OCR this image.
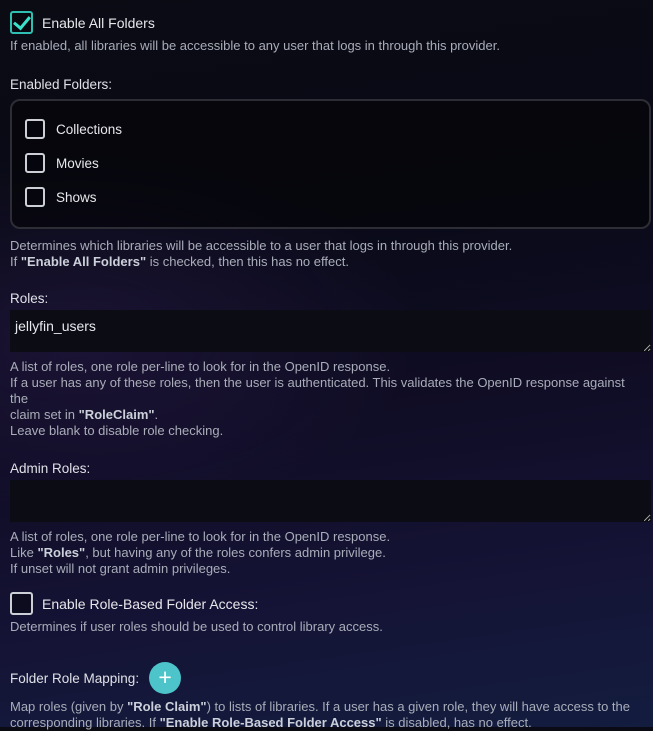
Enable All Folders
If enabled, all libraries will be accessible to any user that logs in through this provider.
Enabled Folders:
Collections
Movies
Shows
Determines which libraries will be accessible to a user that logs in through this provider.
If "Enable All Folders" is checked, then this has no effect.
Roles:
jellyfin_users
A list of roles, one role per-line to look for in the OpenID response.
If a user has any of these roles, then the user is authenticated. This validates the OpenID response against the
claim set in "RoleClaim".
Leave blank to disable role checking.
Admin Roles:
A list of roles, one role per-line to look for in the OpenID response.
Like "Roles", but having any of the roles confers admin privilege.
If unset will not grant admin privileges.
Enable Role-Based Folder Access:
Determines if user roles should be used to control library access.
Folder Role Mapping: +
Map roles (given by "Role Claim") to lists of libraries. If a user has a given role, they will have access to the
corresponding libraries. If "Enable Role-Based Folder Access" is disabled, has no effect.
